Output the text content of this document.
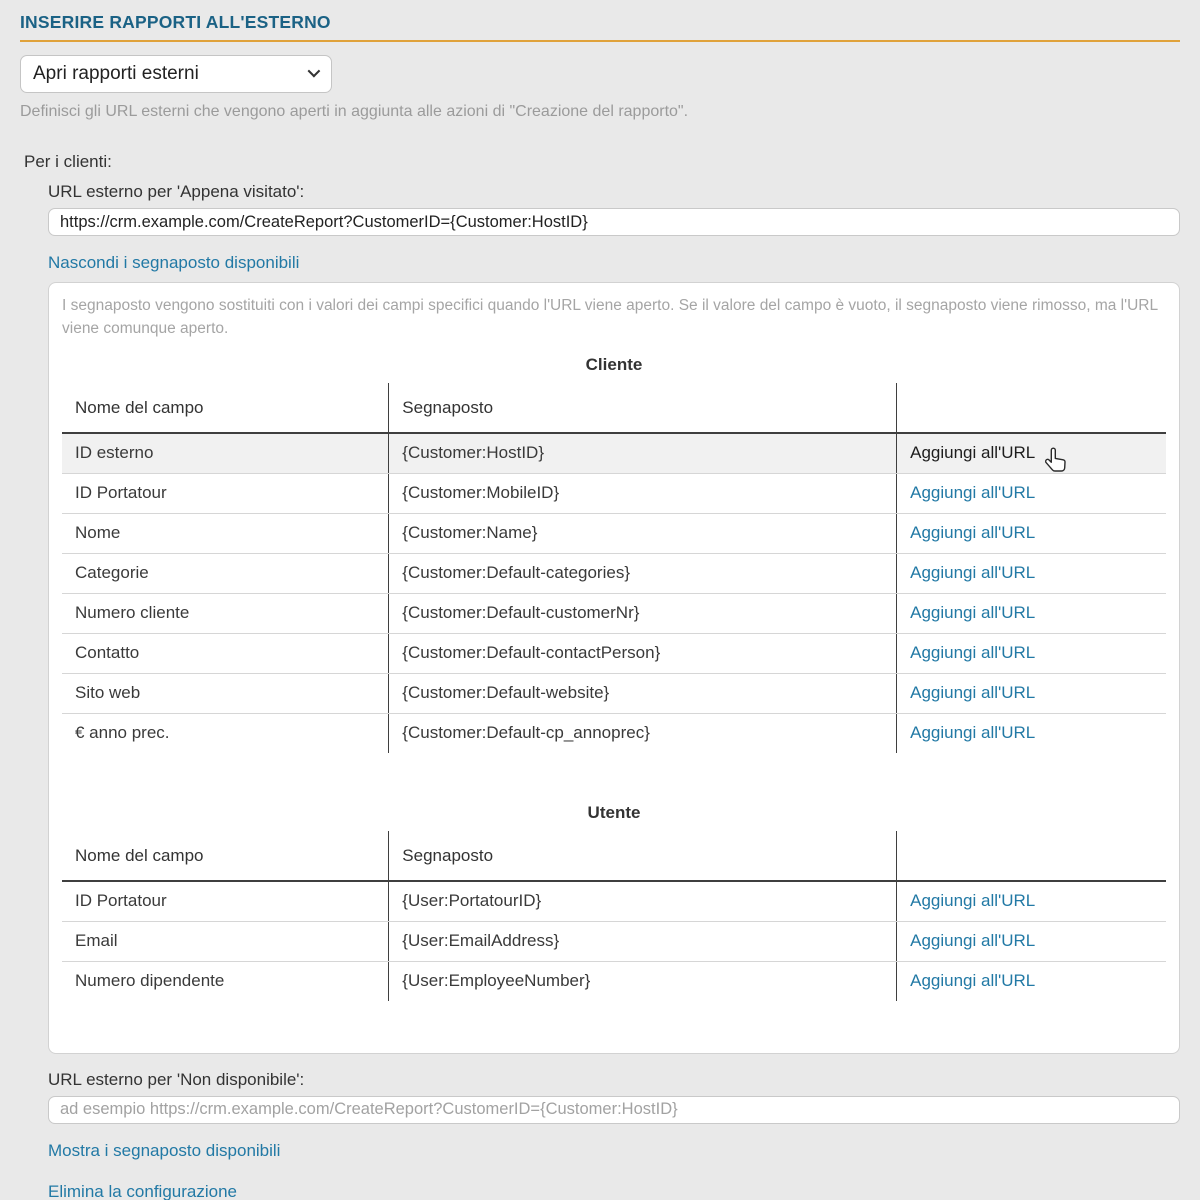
INSERIRE RAPPORTI ALL'ESTERNO
Apri rapporti esterni

Definisci gli URL esterni che vengono aperti in aggiunta alle azioni di "Creazione del rapporto".

Per i clienti:
URL esterno per 'Appena visitato':
https://crm.example.com/CreateReport?CustomerID={Customer:HostID} Nascondi i segnaposto disponibili

I segnaposto vengono sostituiti con i valori dei campi specifici quando l'URL viene aperto. Se il valore del campo è vuoto, il segnaposto viene rimosso, ma l'URL viene comunque aperto.

Cliente
Nome del campo	Segnaposto	
ID esterno	{Customer:HostID}	Aggiungi all'URL
ID Portatour	{Customer:MobileID}	Aggiungi all'URL
Nome	{Customer:Name}	Aggiungi all'URL
Categorie	{Customer:Default-categories}	Aggiungi all'URL
Numero cliente	{Customer:Default-customerNr}	Aggiungi all'URL
Contatto	{Customer:Default-contactPerson}	Aggiungi all'URL
Sito web	{Customer:Default-website}	Aggiungi all'URL
€ anno prec.	{Customer:Default-cp_annoprec}	Aggiungi all'URL
Utente
Nome del campo	Segnaposto	
ID Portatour	{User:PortatourID}	Aggiungi all'URL
Email	{User:EmailAddress}	Aggiungi all'URL
Numero dipendente	{User:EmployeeNumber}	Aggiungi all'URL
URL esterno per 'Non disponibile':
ad esempio https://crm.example.com/CreateReport?CustomerID={Customer:HostID}
Mostra i segnaposto disponibili
Elimina la configurazione
